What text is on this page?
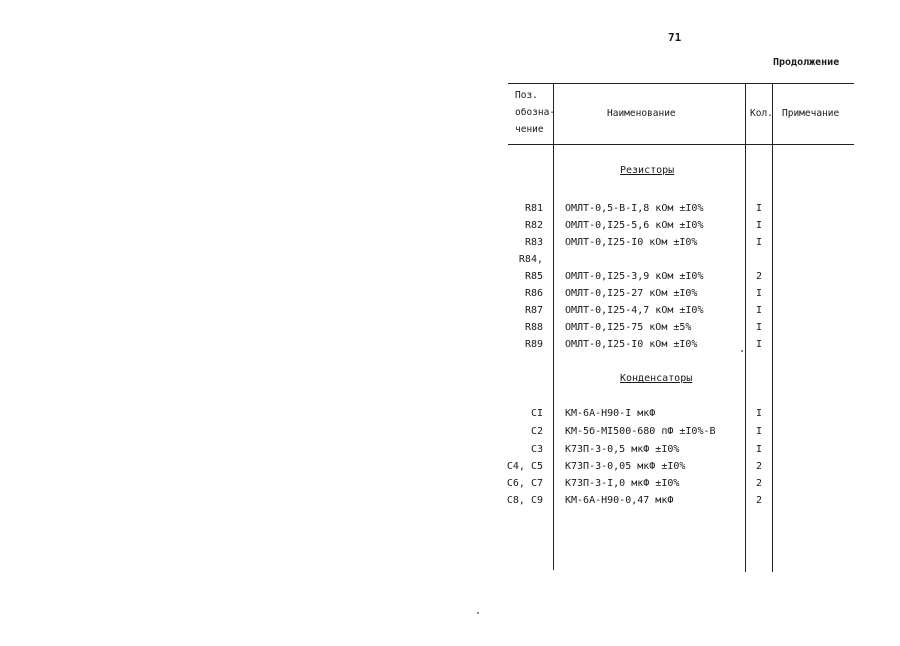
71
Продолжение
Поз.
обозна-
чение
Наименование	Кол. Примечание
Резисторы
R81 ОМЛТ-0,5-В-I,8 кОм ±I0%	I
R82 ОМЛТ-0,I25-5,6 кОм ±I0%	I
R83 ОМЛТ-0,I25-I0 кОм ±I0%	I
R84,
R85 ОМЛТ-0,I25-3,9 кОм ±I0%	2
R86 ОМЛТ-0,I25-27 кОм ±I0%	I
R87 ОМЛТ-0,I25-4,7 кОм ±I0%	I
R88 ОМЛТ-0,I25-75 кОм ±5%	I
R89 ОМЛТ-0,I25-I0 кОм ±I0%	I
Конденсаторы
CI КМ-6А-Н90-I мкФ	I
C2 КМ-5б-МI500-680 пФ ±I0%-В	I
C3 К73П-3-0,5 мкФ ±I0%	I
C4, C5 К73П-3-0,05 мкФ ±I0%	2
C6, C7 К73П-3-I,0 мкФ ±I0%	2
C8, C9 КМ-6А-Н90-0,47 мкФ	2
